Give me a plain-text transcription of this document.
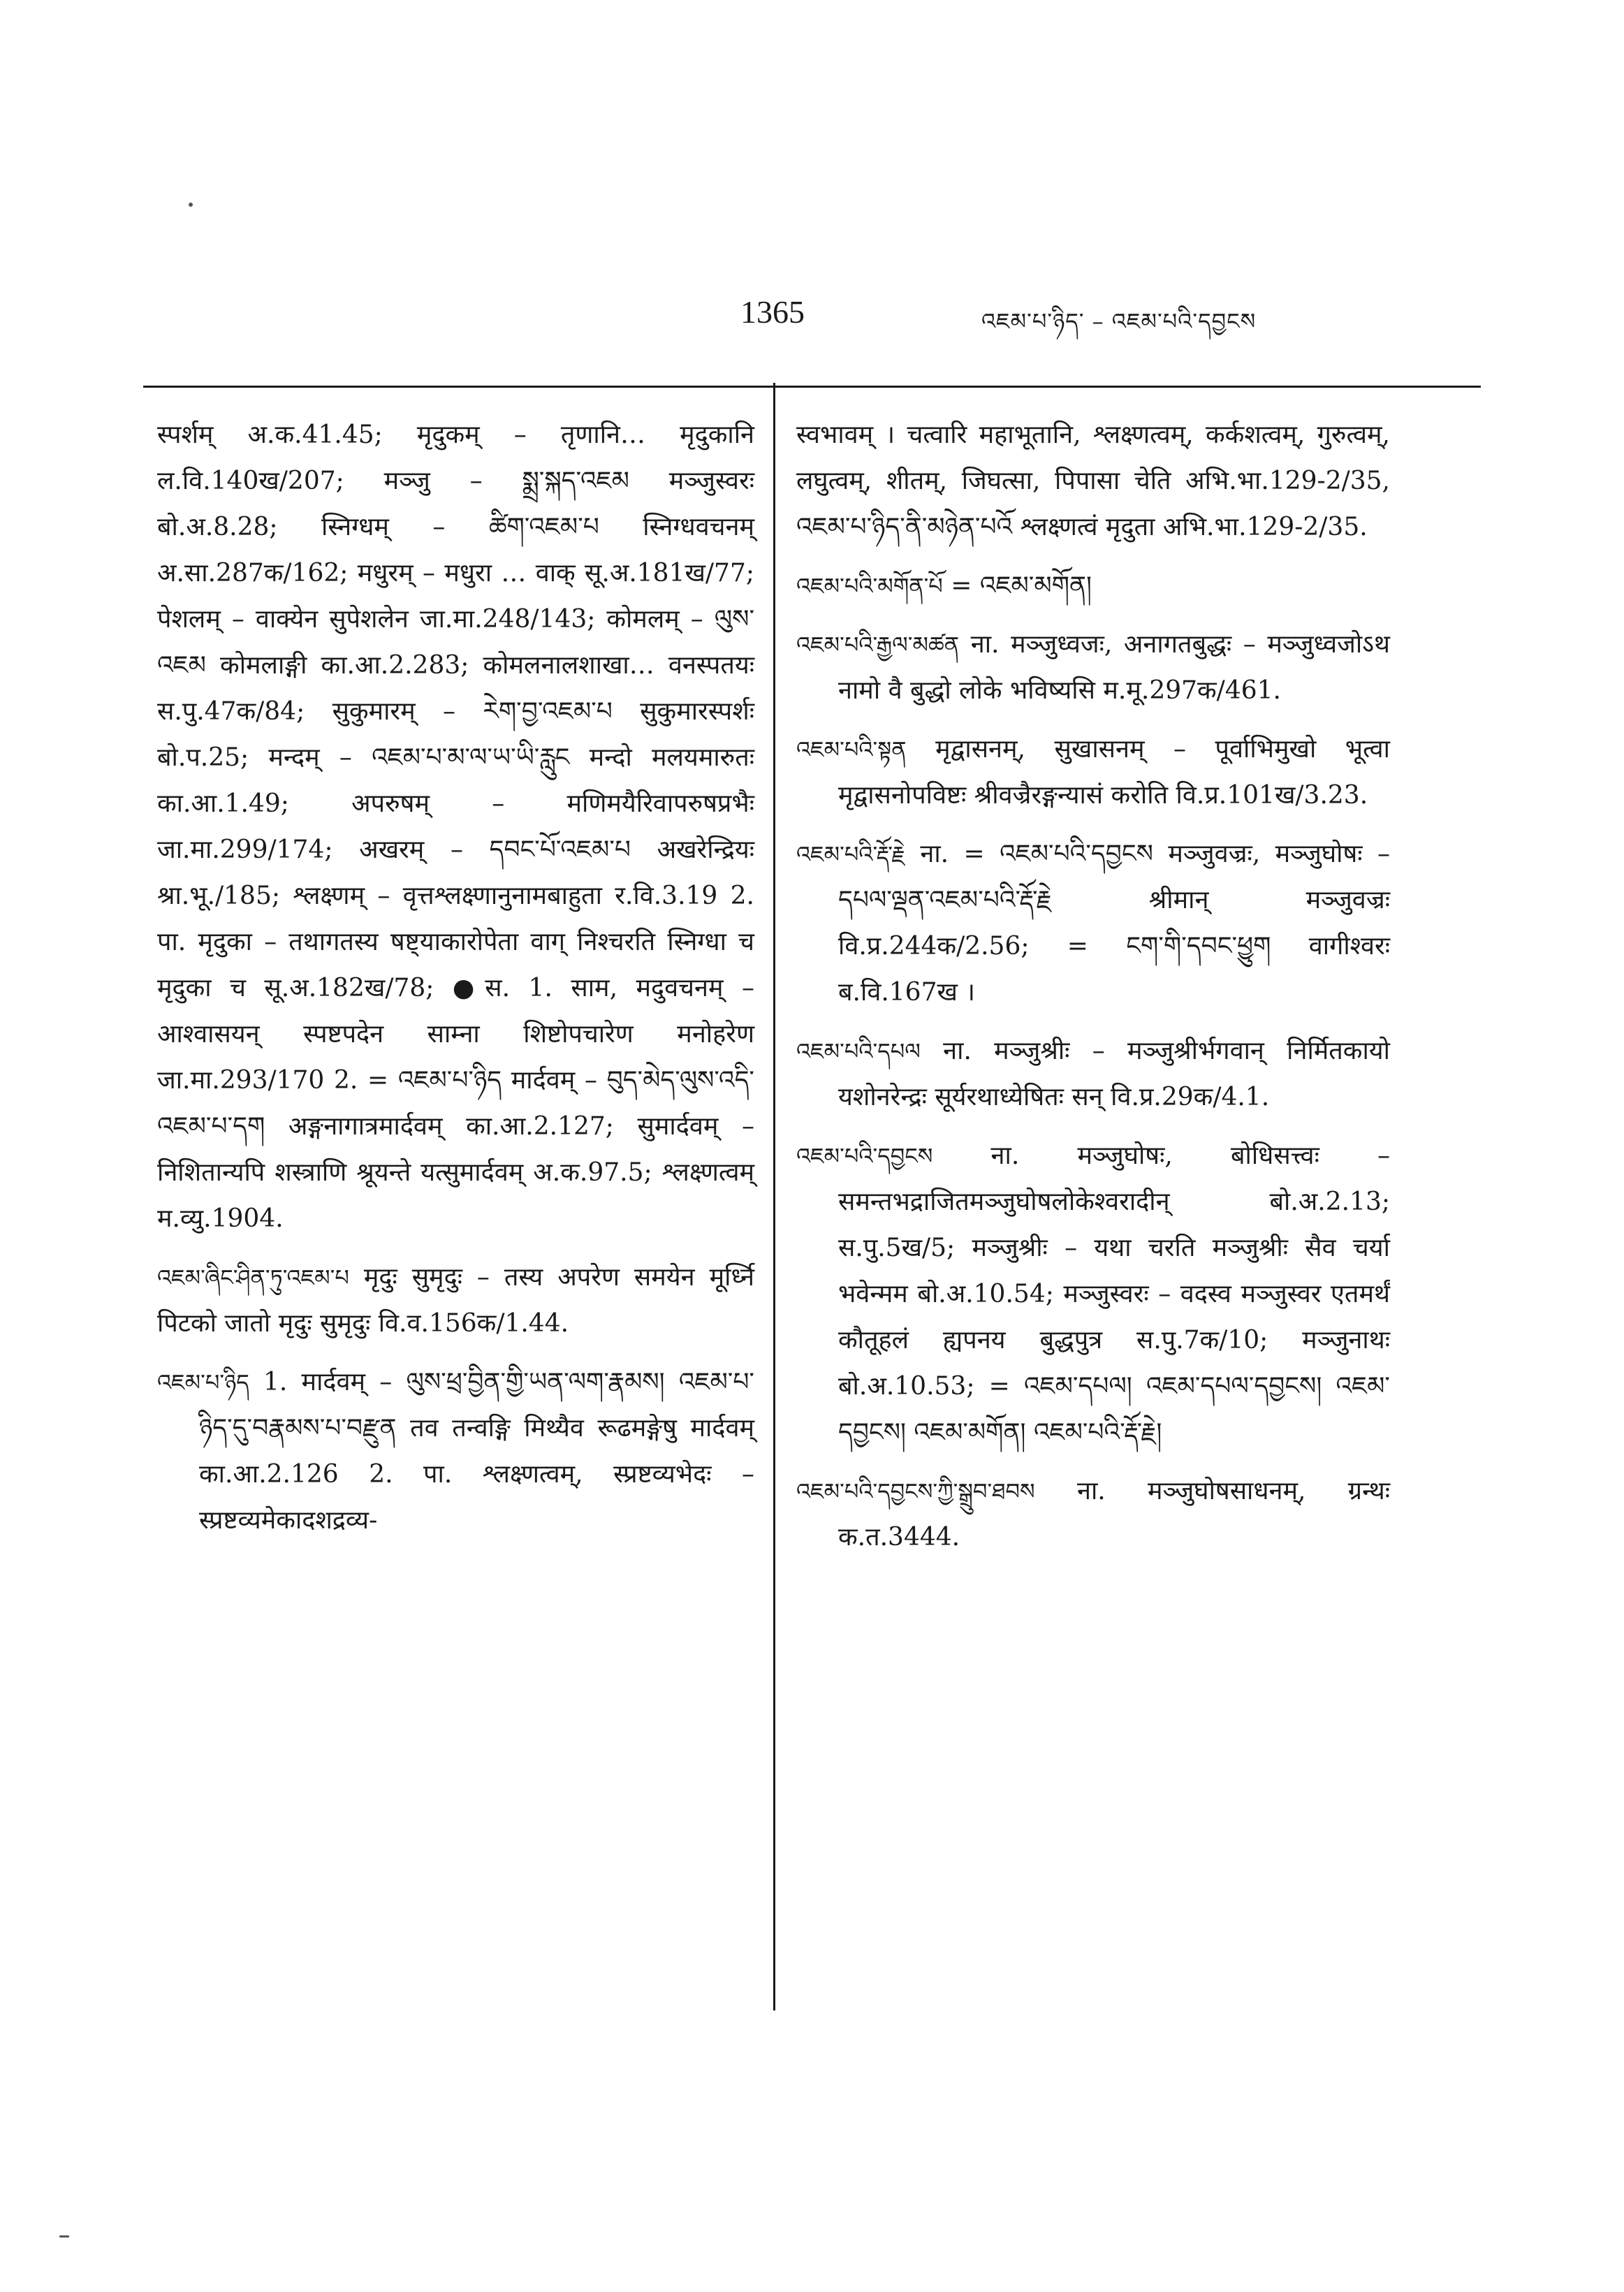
1365	འཇམ་པ་ཉིད་ – འཇམ་པའི་དབྱངས

स्पर्शम् अ.क.41.45; मृदुकम् – तृणानि… मृदुकानि ल.वि.140ख/207; मञ्जु – སྨྲ་སྐད་འཇམ मञ्जुस्वरः बो.अ.8.28; स्निग्धम् – ཚིག་འཇམ་པ स्निग्धवचनम् अ.सा.287क/162; मधुरम् – मधुरा … वाक् सू.अ.181ख/77; पेशलम् – वाक्येन सुपेशलेन जा.मा.248/143; कोमलम् – ལུས་འཇམ कोमलाङ्गी का.आ.2.283; कोमलनालशाखा… वनस्पतयः स.पु.47क/84; सुकुमारम् – རེག་བྱ་འཇམ་པ सुकुमारस्पर्शः बो.प.25; मन्दम् – འཇམ་པ་མ་ལ་ཡ་ཡི་རླུང मन्दो मलयमारुतः का.आ.1.49; अपरुषम् – मणिमयैरिवापरुषप्रभैः जा.मा.299/174; अखरम् – དབང་པོ་འཇམ་པ अखरेन्द्रियः श्रा.भू./185; श्लक्ष्णम् – वृत्तश्लक्ष्णानुनामबाहुता र.वि.3.19 2. पा. मृदुका – तथागतस्य षष्ट्याकारोपेता वाग् निश्चरति स्निग्धा च मृदुका च सू.अ.182ख/78; ●स. 1. साम, मदुवचनम् – आश्वासयन् स्पष्टपदेन साम्ना शिष्टोपचारेण मनोहरेण जा.मा.293/170 2. = འཇམ་པ་ཉིད मार्दवम् – བུད་མེད་ལུས་འདི་འཇམ་པ་དག अङ्गनागात्रमार्दवम् का.आ.2.127; सुमार्दवम् – निशितान्यपि शस्त्राणि श्रूयन्ते यत्सुमार्दवम् अ.क.97.5; श्लक्ष्णत्वम् म.व्यु.1904.

འཇམ་ཞིང་ཤིན་ཏུ་འཇམ་པ मृदुः सुमृदुः – तस्य अपरेण समयेन मूर्ध्नि पिटको जातो मृदुः सुमृदुः वि.व.156क/1.44.

འཇམ་པ་ཉིད 1. मार्दवम् – ལུས་ཕྲ་བྱིན་གྱི་ཡན་ལག་རྣམས། འཇམ་པ་ཉིད་དུ་བརྣམས་པ་བརྫུན तव तन्वङ्गि मिथ्यैव रूढमङ्गेषु मार्दवम् का.आ.2.126 2. पा. श्लक्ष्णत्वम्, स्प्रष्टव्यभेदः – स्प्रष्टव्यमेकादशद्रव्य-

स्वभावम् । चत्वारि महाभूतानि, श्लक्ष्णत्वम्, कर्कशत्वम्, गुरुत्वम्, लघुत्वम्, शीतम्, जिघत्सा, पिपासा चेति अभि.भा.129-2/35, འཇམ་པ་ཉིད་ནི་མཉེན་པའོ श्लक्ष्णत्वं मृदुता अभि.भा.129-2/35.

འཇམ་པའི་མགོན་པོ = འཇམ་མགོན།

འཇམ་པའི་རྒྱལ་མཚན ना. मञ्जुध्वजः, अनागतबुद्धः – मञ्जुध्वजोऽथ नामो वै बुद्धो लोके भविष्यसि म.मू.297क/461.

འཇམ་པའི་སྟན मृद्वासनम्, सुखासनम् – पूर्वाभिमुखो भूत्वा मृद्वासनोपविष्टः श्रीवज्रैरङ्गन्यासं करोति वि.प्र.101ख/3.23.

འཇམ་པའི་རྡོ་རྗེ ना. = འཇམ་པའི་དབྱངས मञ्जुवज्रः, मञ्जुघोषः – དཔལ་ལྡན་འཇམ་པའི་རྡོ་རྗེ श्रीमान् मञ्जुवज्रः वि.प्र.244क/2.56; = ངག་གི་དབང་ཕྱུག वागीश्वरः ब.वि.167ख ।

འཇམ་པའི་དཔལ ना. मञ्जुश्रीः – मञ्जुश्रीर्भगवान् निर्मितकायो यशोनरेन्द्रः सूर्यरथाध्येषितः सन् वि.प्र.29क/4.1.

འཇམ་པའི་དབྱངས ना. मञ्जुघोषः, बोधिसत्त्वः – समन्तभद्राजितमञ्जुघोषलोकेश्वरादीन् बो.अ.2.13; स.पु.5ख/5; मञ्जुश्रीः – यथा चरति मञ्जुश्रीः सैव चर्या भवेन्मम बो.अ.10.54; मञ्जुस्वरः – वदस्व मञ्जुस्वर एतमर्थं कौतूहलं ह्यपनय बुद्धपुत्र स.पु.7क/10; मञ्जुनाथः बो.अ.10.53; = འཇམ་དཔལ། འཇམ་དཔལ་དབྱངས། འཇམ་དབྱངས། འཇམ་མགོན། འཇམ་པའི་རྡོ་རྗེ།

འཇམ་པའི་དབྱངས་ཀྱི་སྒྲུབ་ཐབས ना. मञ्जुघोषसाधनम्, ग्रन्थः क.त.3444.
